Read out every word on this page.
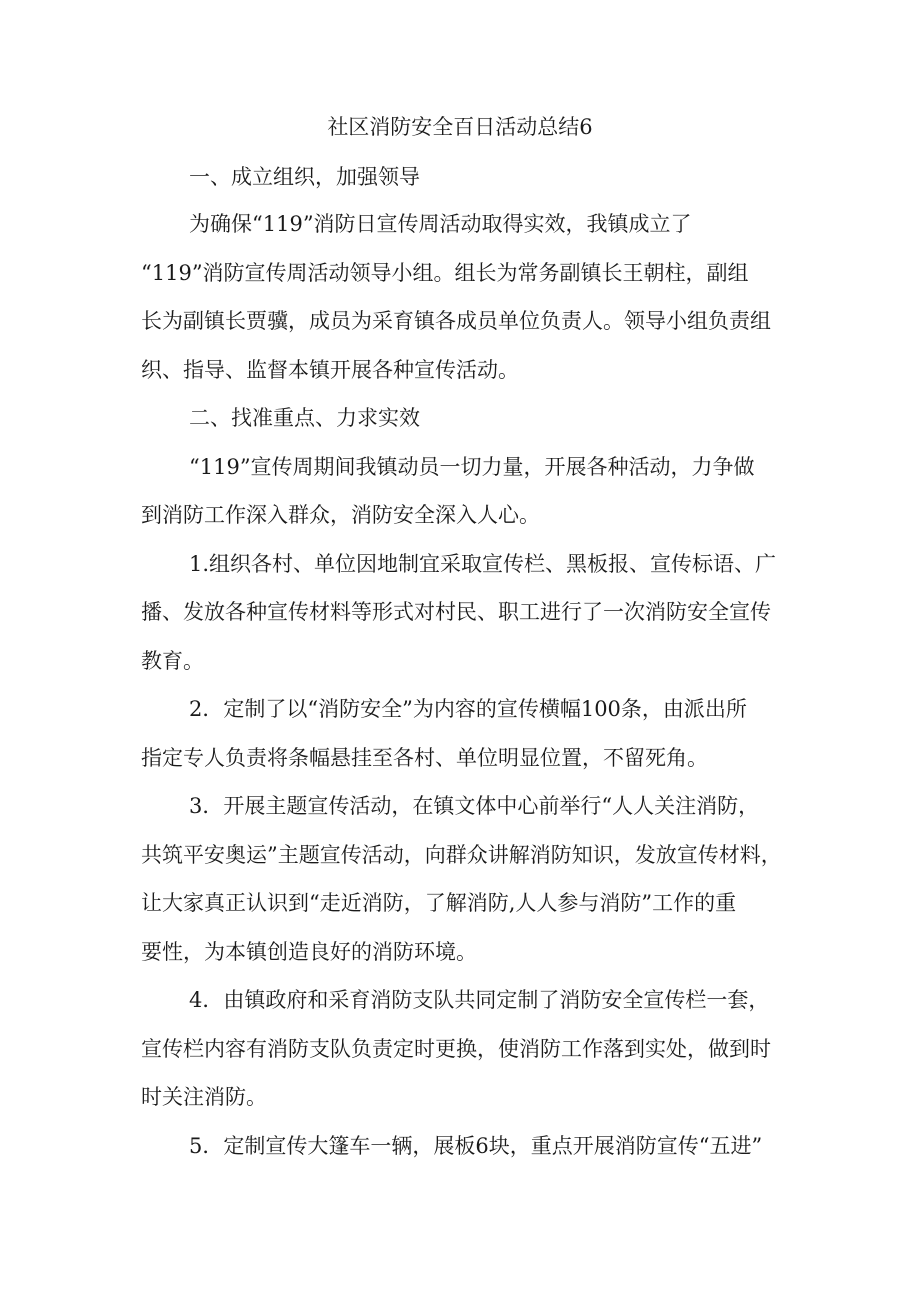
社区消防安全百日活动总结6
一、成立组织，加强领导
为确保“119”消防日宣传周活动取得实效，我镇成立了
“119”消防宣传周活动领导小组。组长为常务副镇长王朝柱，副组
长为副镇长贾骥，成员为采育镇各成员单位负责人。领导小组负责组
织、指导、监督本镇开展各种宣传活动。
二、找准重点、力求实效
“119”宣传周期间我镇动员一切力量，开展各种活动，力争做
到消防工作深入群众，消防安全深入人心。
1.组织各村、单位因地制宜采取宣传栏、黑板报、宣传标语、广
播、发放各种宣传材料等形式对村民、职工进行了一次消防安全宣传
教育。
2．定制了以“消防安全”为内容的宣传横幅100条，由派出所
指定专人负责将条幅悬挂至各村、单位明显位置，不留死角。
3．开展主题宣传活动，在镇文体中心前举行“人人关注消防，
共筑平安奥运”主题宣传活动，向群众讲解消防知识，发放宣传材料，
让大家真正认识到“走近消防，了解消防,人人参与消防”工作的重
要性，为本镇创造良好的消防环境。
4．由镇政府和采育消防支队共同定制了消防安全宣传栏一套，
宣传栏内容有消防支队负责定时更换，使消防工作落到实处，做到时
时关注消防。
5．定制宣传大篷车一辆，展板6块，重点开展消防宣传“五进”
